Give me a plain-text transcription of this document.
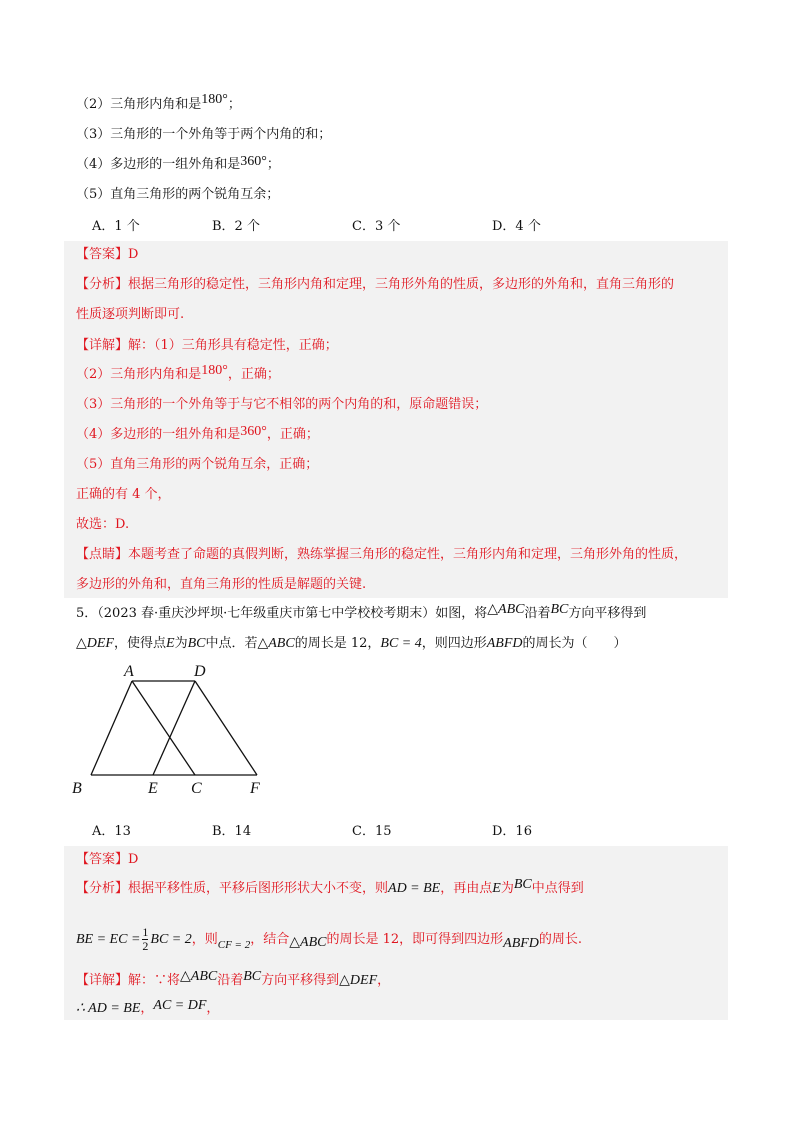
（2）三角形内角和是180°；
（3）三角形的一个外角等于两个内角的和；
（4）多边形的一组外角和是360°；
（5）直角三角形的两个锐角互余；
A．1 个	B．2 个	C．3 个	D．4 个
【答案】D
【分析】根据三角形的稳定性，三角形内角和定理，三角形外角的性质，多边形的外角和，直角三角形的
性质逐项判断即可.
【详解】解：（1）三角形具有稳定性，正确；
（2）三角形内角和是180°，正确；
（3）三角形的一个外角等于与它不相邻的两个内角的和，原命题错误；
（4）多边形的一组外角和是360°，正确；
（5）直角三角形的两个锐角互余，正确；
正确的有 4 个，
故选：D.
【点睛】本题考查了命题的真假判断，熟练掌握三角形的稳定性，三角形内角和定理，三角形外角的性质，
多边形的外角和，直角三角形的性质是解题的关键.
5．（2023 春·重庆沙坪坝·七年级重庆市第七中学校校考期末）如图，将△ABC沿着BC方向平移得到
△DEF，使得点E为BC中点．若△ABC的周长是 12，BC = 4，则四边形ABFD的周长为（　　）
A	D
B	E C	F
A．13	B．14	C．15	D．16
【答案】D
【分析】根据平移性质，平移后图形形状大小不变，则AD = BE，再由点E为BC中点得到
BE = EC = $\frac{1}{2}$ BC = 2，则$_{CF = 2}$，结合△ABC的周长是 12，即可得到四边形ABFD的周长.
【详解】解：∵将△ABC沿着BC方向平移得到△DEF，
∴ AD = BE，AC = DF，
